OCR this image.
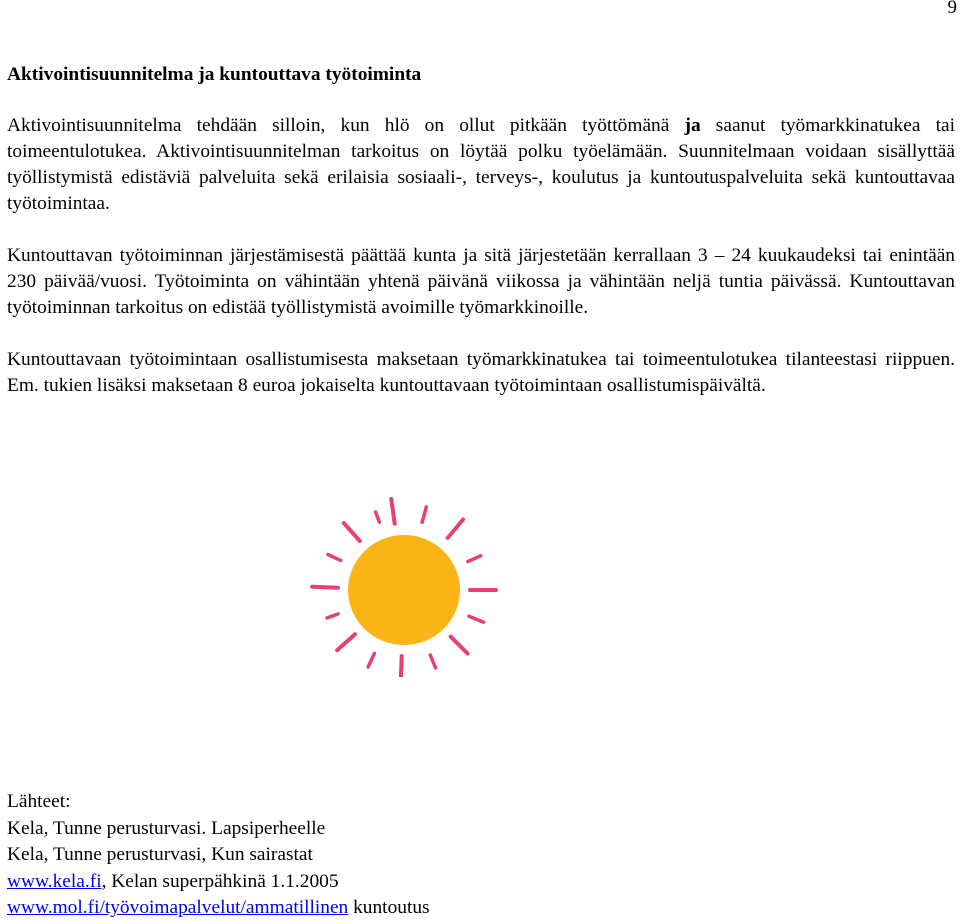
9
Aktivointisuunnitelma ja kuntouttava työtoiminta

Aktivointisuunnitelma tehdään silloin, kun hlö on ollut pitkään työttömänä ja saanut työmarkkinatukea tai toimeentulotukea. Aktivointisuunnitelman tarkoitus on löytää polku työelämään. Suunnitelmaan voidaan sisällyttää työllistymistä edistäviä palveluita sekä erilaisia sosiaali-, terveys-, koulutus ja kuntoutuspalveluita sekä kuntouttavaa työtoimintaa.

Kuntouttavan työtoiminnan järjestämisestä päättää kunta ja sitä järjestetään kerrallaan 3 – 24 kuukaudeksi tai enintään 230 päivää/vuosi. Työtoiminta on vähintään yhtenä päivänä viikossa ja vähintään neljä tuntia päivässä. Kuntouttavan työtoiminnan tarkoitus on edistää työllistymistä avoimille työmarkkinoille.

Kuntouttavaan työtoimintaan osallistumisesta maksetaan työmarkkinatukea tai toimeentulotukea tilanteestasi riippuen. Em. tukien lisäksi maksetaan 8 euroa jokaiselta kuntouttavaan työtoimintaan osallistumispäivältä.

Lähteet:
Kela, Tunne perusturvasi. Lapsiperheelle
Kela, Tunne perusturvasi, Kun sairastat
www.kela.fi, Kelan superpähkinä 1.1.2005
www.mol.fi/työvoimapalvelut/ammatillinen kuntoutus
